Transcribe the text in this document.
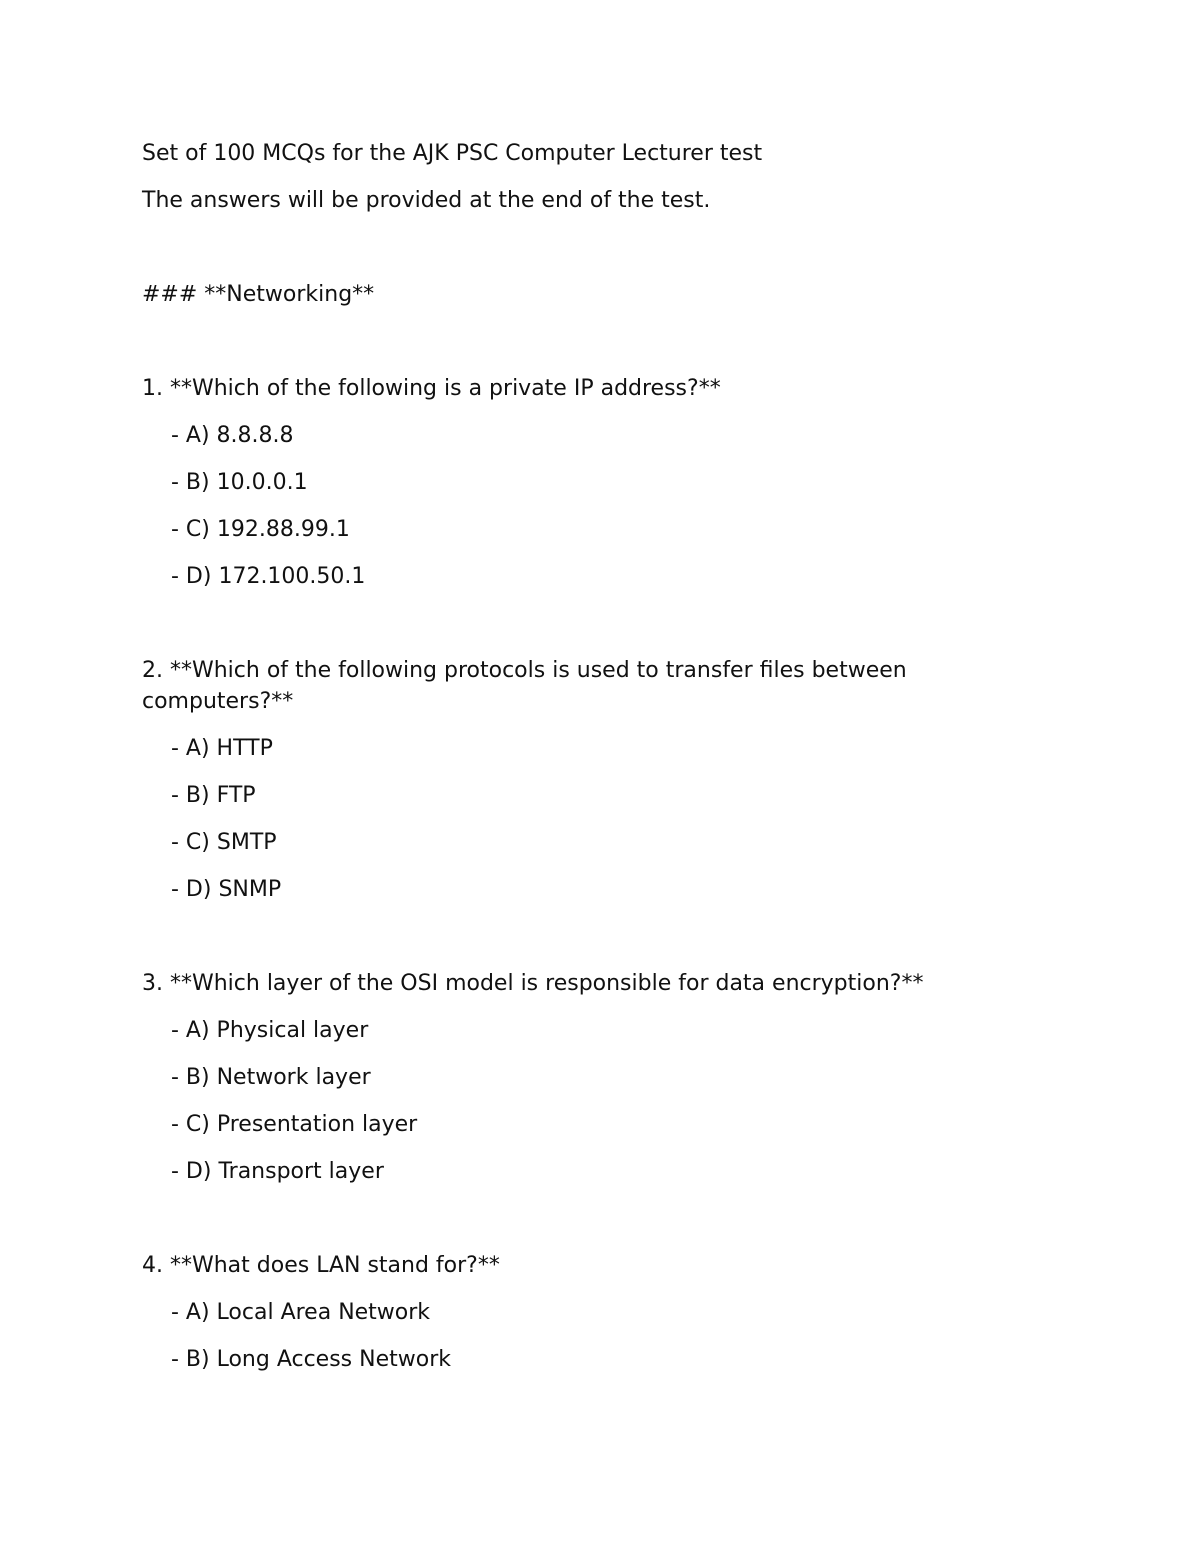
Set of 100 MCQs for the AJK PSC Computer Lecturer test
The answers will be provided at the end of the test.
### **Networking**
1. **Which of the following is a private IP address?**
- A) 8.8.8.8
- B) 10.0.0.1
- C) 192.88.99.1
- D) 172.100.50.1
2. **Which of the following protocols is used to transfer files between computers?**
- A) HTTP
- B) FTP
- C) SMTP
- D) SNMP
3. **Which layer of the OSI model is responsible for data encryption?**
- A) Physical layer
- B) Network layer
- C) Presentation layer
- D) Transport layer
4. **What does LAN stand for?**
- A) Local Area Network
- B) Long Access Network
